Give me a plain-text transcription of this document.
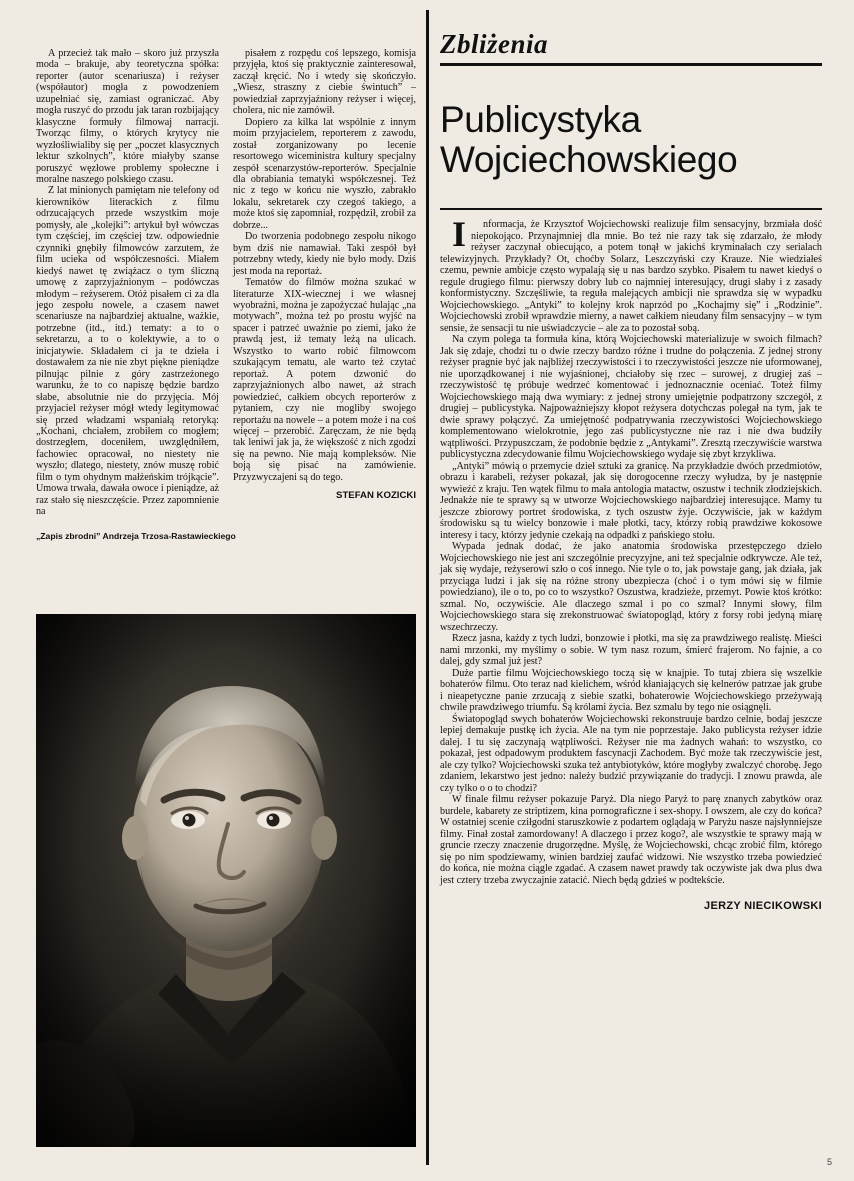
A przecież tak mało – skoro już przyszła moda – brakuje, aby teoretyczna spółka: reporter (autor scenariusza) i reżyser (współautor) mogła z powodzeniem uzupełniać się, zamiast ograniczać. Aby mogła ruszyć do przodu jak taran rozbijający klasyczne formuły filmowaj narracji. Tworząc filmy, o których krytycy nie wyzłośliwialiby się per „poczet klasycznych lektur szkolnych”, które miałyby szanse poruszyć węzłowe problemy społeczne i moralne naszego polskiego czasu.

Z lat minionych pamiętam nie telefony od kierowników literackich z filmu odrzucających przede wszystkim moje pomysły, ale „kolejki”: artykuł był wówczas tym częściej, im częściej tzw. odpowiednie czynniki gnębiły filmowców zarzutem, że film ucieka od współczesności. Miałem kiedyś nawet tę zwiążacz o tym śliczną umowę z zaprzyjaźnionym – podówczas młodym – reżyserem. Otóż pisałem ci za dla jego zespołu nowele, a czasem nawet scenariusze na najbardziej aktualne, ważkie, potrzebne (itd., itd.) tematy: a to o sekretarzu, a to o kolektywie, a to o inicjatywie. Składałem ci ja te dzieła i dostawałem za nie nie zbyt piękne pieniądze pilnując pilnie z góry zastrzeżonego warunku, że to co napiszę będzie bardzo słabe, absolutnie nie do przyjęcia. Mój przyjaciel reżyser mógł wtedy legitymować się przed władzami wspaniałą retoryką: „Kochani, chciałem, zrobiłem co mogłem; dostrzegłem, doceniłem, uwzględniłem, fachowiec opracował, no niestety nie wyszło; dlatego, niestety, znów muszę robić film o tym ohydnym małżeńskim trójkącie”. Umowa trwała, dawała owoce i pieniądze, aż raz stało się nieszczęście. Przez zapomnienie na

pisałem z rozpędu coś lepszego, komisja przyjęła, ktoś się praktycznie zainteresował, zaczął kręcić. No i wtedy się skończyło. „Wiesz, straszny z ciebie świntuch” – powiedział zaprzyjaźniony reżyser i więcej, cholera, nic nie zamówił.

Dopiero za kilka lat wspólnie z innym moim przyjacielem, reporterem z zawodu, został zorganizowany po lecenie resortowego wiceministra kultury specjalny zespół scenarzystów-reporterów. Specjalnie dla obrabiania tematyki współczesnej. Też nic z tego w końcu nie wyszło, zabrakło lokalu, sekretarek czy czegoś takiego, a może ktoś się zapomniał, rozpędził, zrobił za dobrze...

Do tworzenia podobnego zespołu nikogo bym dziś nie namawiał. Taki zespół był potrzebny wtedy, kiedy nie było mody. Dziś jest moda na reportaż.

Tematów do filmów można szukać w literaturze XIX-wiecznej i we własnej wyobraźni, można je zapożyczać hulając „na motywach”, można też po prostu wyjść na spacer i patrzeć uważnie po ziemi, jako że prawdą jest, iż tematy leżą na ulicach. Wszystko to warto robić filmowcom szukającym tematu, ale warto też czytać reportaż. A potem dzwonić do zaprzyjaźnionych albo nawet, aż strach powiedzieć, całkiem obcych reporterów z pytaniem, czy nie mogliby swojego reportażu na nowele – a potem może i na coś więcej – przerobić. Zaręczam, że nie będą tak leniwi jak ja, że większość z nich zgodzi się na pewno. Nie mają kompleksów. Nie boją się pisać na zamówienie. Przyzwyczajeni są do tego.

STEFAN KOZICKI
„Zapis zbrodni” Andrzeja Trzosa-Rastawieckiego
Zbliżenia
Publicystyka
Wojciechowskiego

I	nformacja, że Krzysztof Wojciechowski realizuje film sensacyjny, brzmiała dość niepokojąco. Przynajmniej dla mnie. Bo też nie razy tak się zdarzało, że młody reżyser zaczynał obiecująco, a potem tonął w jakichś kryminałach czy serialach telewizyjnych. Przykłady? Ot, choćby Solarz, Leszczyński czy Krauze. Nie wiedziałeś czemu, pewnie ambicje często wypalają się u nas bardzo szybko. Pisałem tu nawet kiedyś o regule drugiego filmu: pierwszy dobry lub co najmniej interesujący, drugi słaby i z zasady konformistyczny. Szczęśliwie, ta reguła malejących ambicji nie sprawdza się w wypadku Wojciechowskiego. „Antyki” to kolejny krok naprzód po „Kochajmy się” i „Rodzinie”. Wojciechowski zrobił wprawdzie mierny, a nawet całkiem nieudany film sensacyjny – w tym sensie, że sensacji tu nie uświadczycie – ale za to pozostał sobą.

Na czym polega ta formuła kina, którą Wojciechowski materializuje w swoich filmach? Jak się zdaje, chodzi tu o dwie rzeczy bardzo różne i trudne do połączenia. Z jednej strony reżyser pragnie być jak najbliżej rzeczywistości i to rzeczywistości jeszcze nie uformowanej, nie uporządkowanej i nie wyjaśnionej, chciałoby się rzec – surowej, z drugiej zaś – rzeczywistość tę próbuje wedrzeć komentować i jednoznacznie oceniać. Toteż filmy Wojciechowskiego mają dwa wymiary: z jednej strony umiejętnie podpatrzony szczegół, z drugiej – publicystyka. Najpoważniejszy kłopot reżysera dotychczas polegał na tym, jak te dwie sprawy połączyć. Za umiejętność podpatrywania rzeczywistości Wojciechowskiego komplementowano wielokrotnie, jego zaś publicystyczne nie raz i nie dwa budziły wątpliwości. Przypuszczam, że podobnie będzie z „Antykami”. Zresztą rzeczywiście warstwa publicystyczna zdecydowanie filmu Wojciechowskiego wydaje się zbyt krzykliwa.

„Antyki” mówią o przemycie dzieł sztuki za granicę. Na przykładzie dwóch przedmiotów, obrazu i karabeli, reżyser pokazał, jak się dorogocenne rzeczy wyłudza, by je następnie wywieźć z kraju. Ten wątek filmu to mała antologia matactw, oszustw i technik złodziejskich. Jednakże nie te sprawy są w utworze Wojciechowskiego najbardziej interesujące. Mamy tu jeszcze zbiorowy portret środowiska, z tych oszustw żyje. Oczywiście, jak w każdym środowisku są tu wielcy bonzowie i małe płotki, tacy, którzy robią prawdziwe kokosowe interesy i tacy, którzy jedynie czekają na odpadki z pańskiego stołu.

Wypada jednak dodać, że jako anatomia środowiska przestępczego dzieło Wojciechowskiego nie jest ani szczególnie precyzyjne, ani też specjalnie odkrywcze. Ale też, jak się wydaje, reżyserowi szło o coś innego. Nie tyle o to, jak powstaje gang, jak działa, jak przyciąga ludzi i jak się na różne strony ubezpiecza (choć i o tym mówi się w filmie powiedziano), ile o to, po co to wszystko? Oszustwa, kradzieże, przemyt. Powie ktoś krótko: szmal. No, oczywiście. Ale dlaczego szmal i po co szmal? Innymi słowy, film Wojciechowskiego stara się zrekonstruować światopogląd, który z forsy robi jedyną miarę wszechrzeczy.

Rzecz jasna, każdy z tych ludzi, bonzowie i płotki, ma się za prawdziwego realistę. Mieści nami mrzonki, my myślimy o sobie. W tym nasz rozum, śmierć frajerom. No fajnie, a co dalej, gdy szmal już jest?

Duże partie filmu Wojciechowskiego toczą się w knajpie. To tutaj zbiera się wszelkie bohaterów filmu. Oto teraz nad kielichem, wśród kłaniających się kelnerów patrzae jak grube i nieapetyczne panie zrzucają z siebie szatki, bohaterowie Wojciechowskiego przeżywają chwile prawdziwego triumfu. Są królami życia. Bez szmalu by tego nie osiągnęli.

Światopogląd swych bohaterów Wojciechowski rekonstruuje bardzo celnie, bodaj jeszcze lepiej demakuje pustkę ich życia. Ale na tym nie poprzestaje. Jako publicysta reżyser idzie dalej. I tu się zaczynają wątpliwości. Reżyser nie ma żadnych wahań: to wszystko, co pokazał, jest odpadowym produktem fascynacji Zachodem. Być może tak rzeczywiście jest, ale czy tylko? Wojciechowski szuka też antybiotyków, które mogłyby zwalczyć chorobę. Jego zdaniem, lekarstwo jest jedno: należy budzić przywiązanie do tradycji. I znowu prawda, ale czy tylko o o to chodzi?

W finale filmu reżyser pokazuje Paryż. Dla niego Paryż to parę znanych zabytków oraz burdele, kabarety ze striptizem, kina pornograficzne i sex-shopy. I owszem, ale czy do końca? W ostatniej scenie cziłgodni staruszkowie z podartem oglądają w Paryżu nasze najsłynniejsze filmy. Finał został zamordowany! A dlaczego i przez kogo?, ale wszystkie te sprawy mają w gruncie rzeczy znaczenie drugorzędne. Myślę, że Wojciechowski, chcąc zrobić film, którego się po nim spodziewamy, winien bardziej zaufać widzowi. Nie wszystko trzeba powiedzieć do końca, nie można ciągle zgadać. A czasem nawet prawdy tak oczywiste jak dwa plus dwa jest cztery trzeba zwyczajnie zatacić. Niech będą gdzieś w podtekście.

JERZY NIECIKOWSKI
5
